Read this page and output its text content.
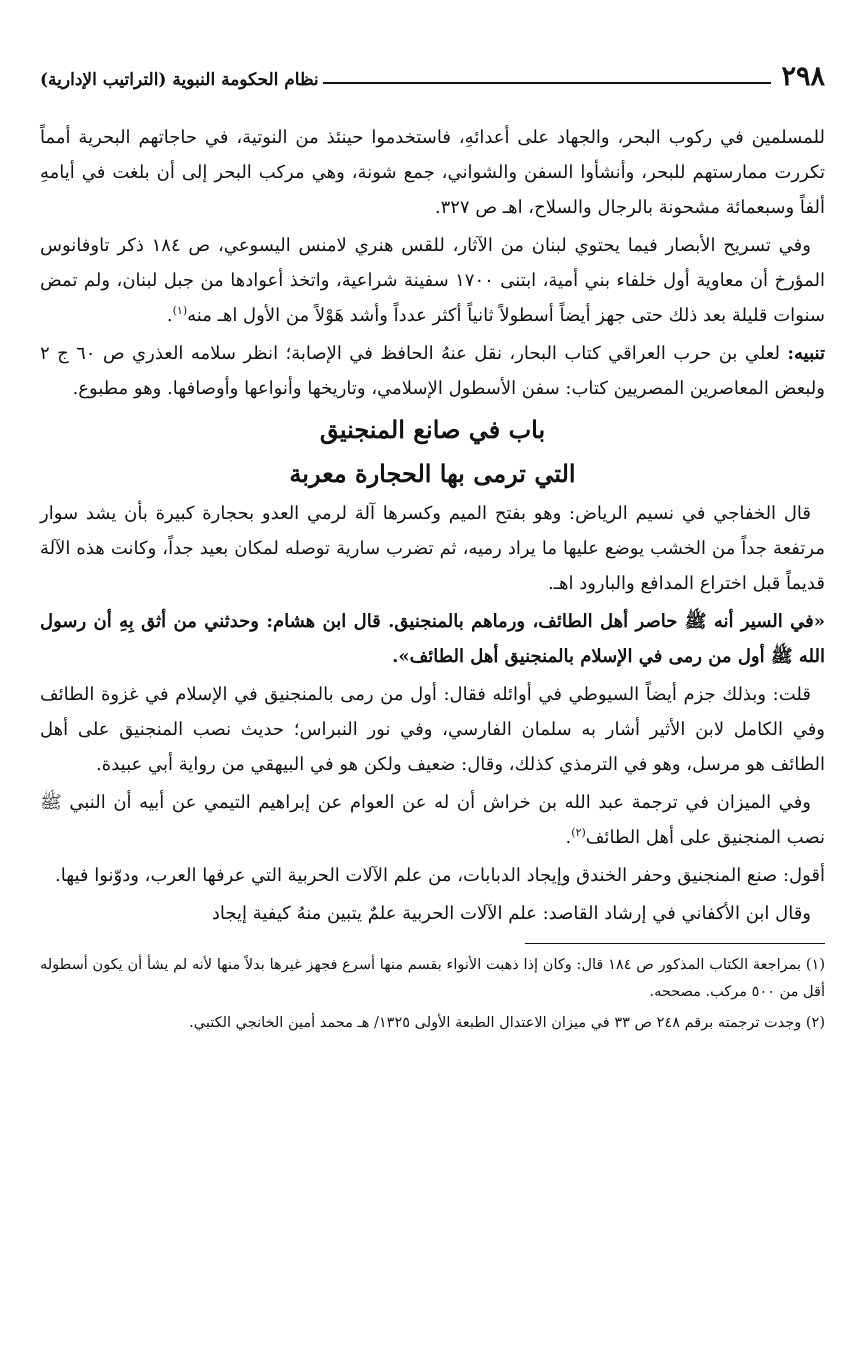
٢٩٨
نظام الحكومة النبوية (التراتيب الإدارية)

للمسلمين في ركوب البحر، والجهاد على أعدائهِ، فاستخدموا حينئذ من النوتية، في حاجاتهم البحرية أمماً تكررت ممارستهم للبحر، وأنشأوا السفن والشواني، جمع شونة، وهي مركب البحر إلى أن بلغت في أيامهِ ألفاً وسبعمائة مشحونة بالرجال والسلاح، اهـ ص ٣٢٧.

وفي تسريح الأبصار فيما يحتوي لبنان من الآثار، للقس هنري لامنس اليسوعي، ص ١٨٤ ذكر تاوفانوس المؤرخ أن معاوية أول خلفاء بني أمية، ابتنى ١٧٠٠ سفينة شراعية، واتخذ أعوادها من جبل لبنان، ولم تمض سنوات قليلة بعد ذلك حتى جهز أيضاً أسطولاً ثانياً أكثر عدداً وأشد هَوْلاً من الأول اهـ منه$^{(١)}$.

تنبيه: لعلي بن حرب العراقي كتاب البحار، نقل عنهُ الحافظ في الإصابة؛ انظر سلامه العذري ص ٦٠ ج ٢ ولبعض المعاصرين المصريين كتاب: سفن الأسطول الإسلامي، وتاريخها وأنواعها وأوصافها. وهو مطبوع.

باب في صانع المنجنيق
التي ترمى بها الحجارة معربة

قال الخفاجي في نسيم الرياض: وهو بفتح الميم وكسرها آلة لرمي العدو بحجارة كبيرة بأن يشد سوار مرتفعة جداً من الخشب يوضع عليها ما يراد رميه، ثم تضرب سارية توصله لمكان بعيد جداً، وكانت هذه الآلة قديماً قبل اختراع المدافع والبارود اهـ.

«في السير أنه ﷺ حاصر أهل الطائف، ورماهم بالمنجنيق. قال ابن هشام: وحدثني من أثق بِهِ أن رسول الله ﷺ أول من رمى في الإسلام بالمنجنيق أهل الطائف».

قلت: وبذلك جزم أيضاً السيوطي في أوائله فقال: أول من رمى بالمنجنيق في الإسلام في غزوة الطائف وفي الكامل لابن الأثير أشار به سلمان الفارسي، وفي نور النبراس؛ حديث نصب المنجنيق على أهل الطائف هو مرسل، وهو في الترمذي كذلك، وقال: ضعيف ولكن هو في البيهقي من رواية أبي عبيدة.

وفي الميزان في ترجمة عبد الله بن خراش أن له عن العوام عن إبراهيم التيمي عن أبيه أن النبي ﷺ نصب المنجنيق على أهل الطائف$^{(٢)}$.

أقول: صنع المنجنيق وحفر الخندق وإيجاد الدبابات، من علم الآلات الحربية التي عرفها العرب، ودوّنوا فيها.

وقال ابن الأكفاني في إرشاد القاصد: علم الآلات الحربية علمٌ يتبين منهُ كيفية إيجاد

(١) بمراجعة الكتاب المذكور ص ١٨٤ قال: وكان إذا ذهبت الأنواء بقسم منها أسرع فجهز غيرها بدلاً منها لأنه لم يشأ أن يكون أسطوله أقل من ٥٠٠ مركب. مصححه.

(٢) وجدت ترجمته برقم ٢٤٨ ص ٣٣ في ميزان الاعتدال الطبعة الأولى ١٣٢٥/ هـ محمد أمين الخانجي الكتبي.
